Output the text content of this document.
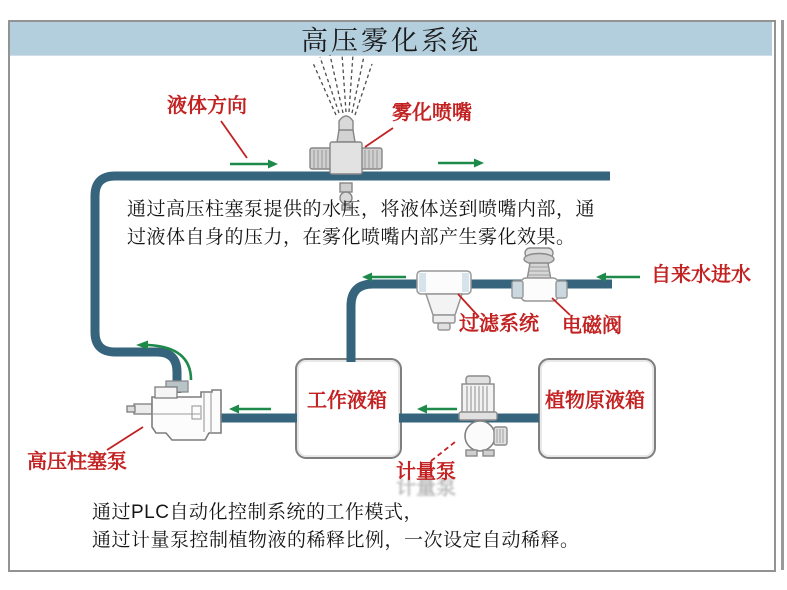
高压雾化系统
液体方向	雾化喷嘴
自来水进水
过滤系统 电磁阀
工作液箱	植物原液箱
高压柱塞泵	计量泵
通过高压柱塞泵提供的水压，将液体送到喷嘴内部，通
过液体自身的压力，在雾化喷嘴内部产生雾化效果。
通过PLC自动化控制系统的工作模式，
通过计量泵控制植物液的稀释比例，一次设定自动稀释。
